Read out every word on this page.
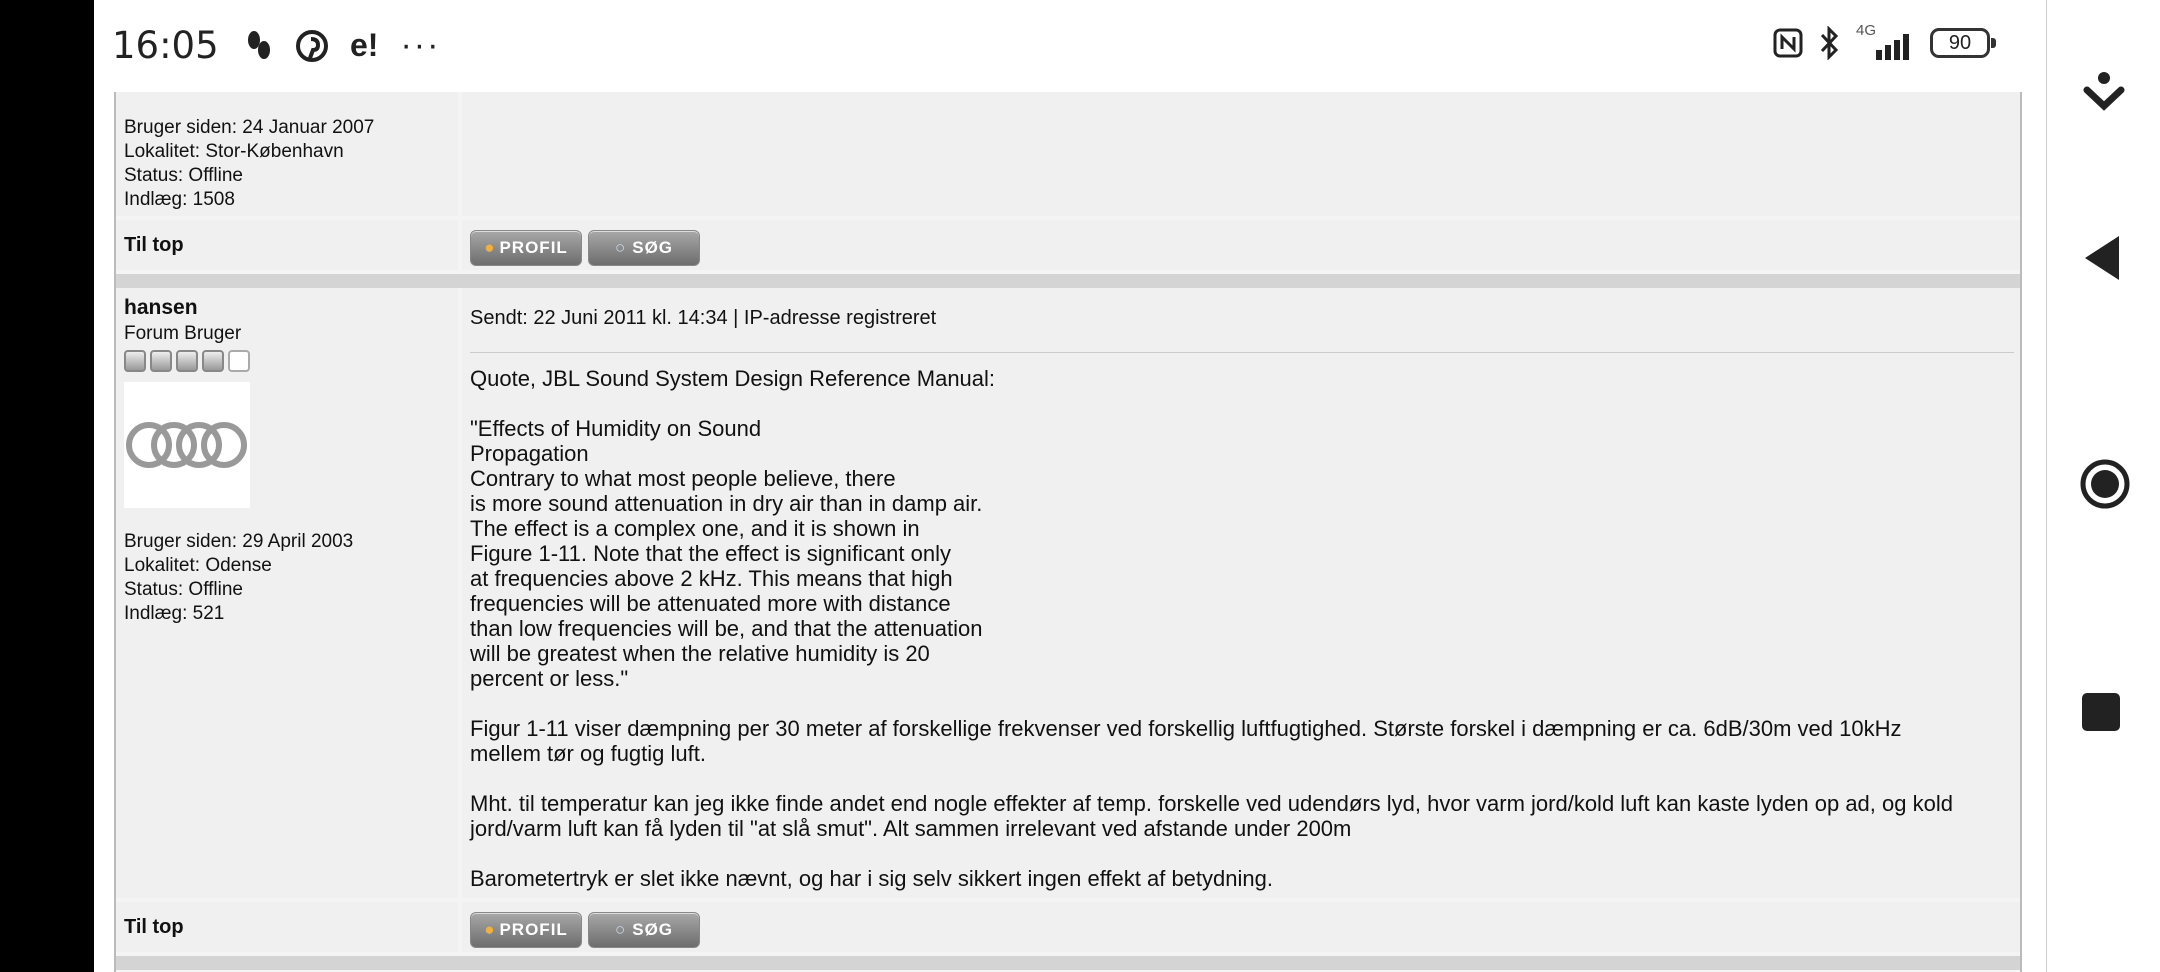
16:05	e! ···	4G
90
Bruger siden: 24 Januar 2007
Lokalitet: Stor-København
Status: Offline
Indlæg: 1508
Til top	● PROFIL	○ SØG
hansen
Forum Bruger
Bruger siden: 29 April 2003
Lokalitet: Odense
Status: Offline
Indlæg: 521
Sendt: 22 Juni 2011 kl. 14:34 | IP-adresse registreret
Quote, JBL Sound System Design Reference Manual:

"Effects of Humidity on Sound
Propagation
Contrary to what most people believe, there
is more sound attenuation in dry air than in damp air.
The effect is a complex one, and it is shown in
Figure 1-11. Note that the effect is significant only
at frequencies above 2 kHz. This means that high
frequencies will be attenuated more with distance
than low frequencies will be, and that the attenuation
will be greatest when the relative humidity is 20
percent or less."

Figur 1-11 viser dæmpning per 30 meter af forskellige frekvenser ved forskellig luftfugtighed. Største forskel i dæmpning er ca. 6dB/30m ved 10kHz
mellem tør og fugtig luft.

Mht. til temperatur kan jeg ikke finde andet end nogle effekter af temp. forskelle ved udendørs lyd, hvor varm jord/kold luft kan kaste lyden op ad, og kold
jord/varm luft kan få lyden til "at slå smut". Alt sammen irrelevant ved afstande under 200m

Barometertryk er slet ikke nævnt, og har i sig selv sikkert ingen effekt af betydning.
Til top	● PROFIL	○ SØG
